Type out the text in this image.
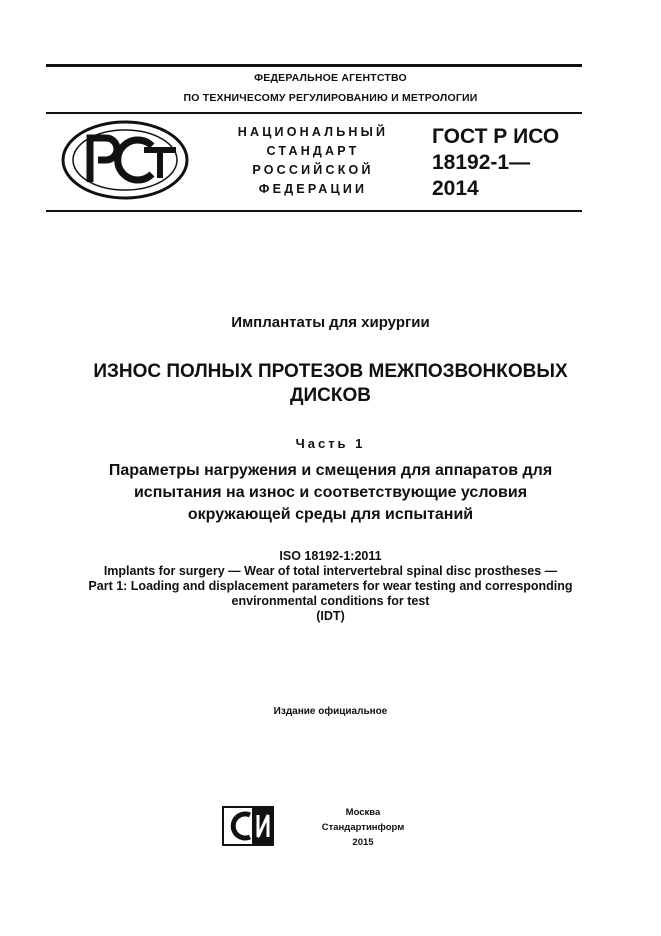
ФЕДЕРАЛЬНОЕ АГЕНТСТВО
ПО ТЕХНИЧЕСОМУ РЕГУЛИРОВАНИЮ И МЕТРОЛОГИИ
РСТ
НАЦИОНАЛЬНЫЙ
СТАНДАРТ
РОССИЙСКОЙ
ФЕДЕРАЦИИ
ГОСТ Р ИСО
18192-1—
2014
Имплантаты для хирургии
ИЗНОС ПОЛНЫХ ПРОТЕЗОВ МЕЖПОЗВОНКОВЫХ
ДИСКОВ
Часть 1
Параметры нагружения и смещения для аппаратов для
испытания на износ и соответствующие условия
окружающей среды для испытаний
ISO 18192-1:2011
Implants for surgery — Wear of total intervertebral spinal disc prostheses —
Part 1: Loading and displacement parameters for wear testing and corresponding
environmental conditions for test
(IDT)
Издание официальное
Москва
Стандартинформ
2015
